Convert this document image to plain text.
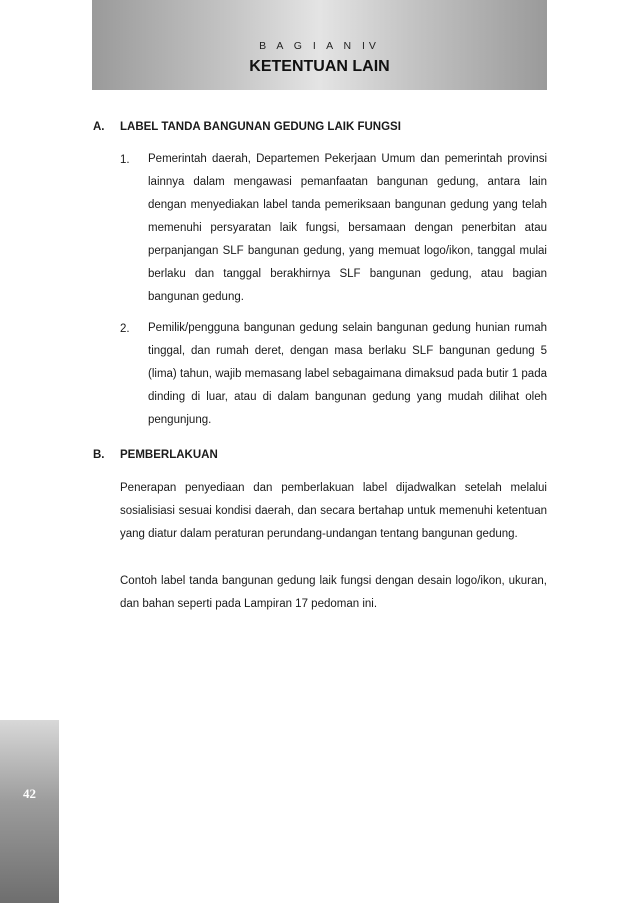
B A G I A N IV
KETENTUAN LAIN
42
A. LABEL TANDA BANGUNAN GEDUNG LAIK FUNGSI
1. Pemerintah daerah, Departemen Pekerjaan Umum dan pemerintah provinsi lainnya dalam mengawasi pemanfaatan bangunan gedung, antara lain dengan menyediakan label tanda pemeriksaan bangunan gedung yang telah memenuhi persyaratan laik fungsi, bersamaan dengan penerbitan atau perpanjangan SLF bangunan gedung, yang memuat logo/ikon, tanggal mulai berlaku dan tanggal berakhirnya SLF bangunan gedung, atau bagian bangunan gedung.

2. Pemilik/pengguna bangunan gedung selain bangunan gedung hunian rumah tinggal, dan rumah deret, dengan masa berlaku SLF bangunan gedung 5 (lima) tahun, wajib memasang label sebagaimana dimaksud pada butir 1 pada dinding di luar, atau di dalam bangunan gedung yang mudah dilihat oleh pengunjung.

B. PEMBERLAKUAN

Penerapan penyediaan dan pemberlakuan label dijadwalkan setelah melalui sosialisiasi sesuai kondisi daerah, dan secara bertahap untuk memenuhi ketentuan yang diatur dalam peraturan perundang-undangan tentang bangunan gedung.

Contoh label tanda bangunan gedung laik fungsi dengan desain logo/ikon, ukuran, dan bahan seperti pada Lampiran 17 pedoman ini.
